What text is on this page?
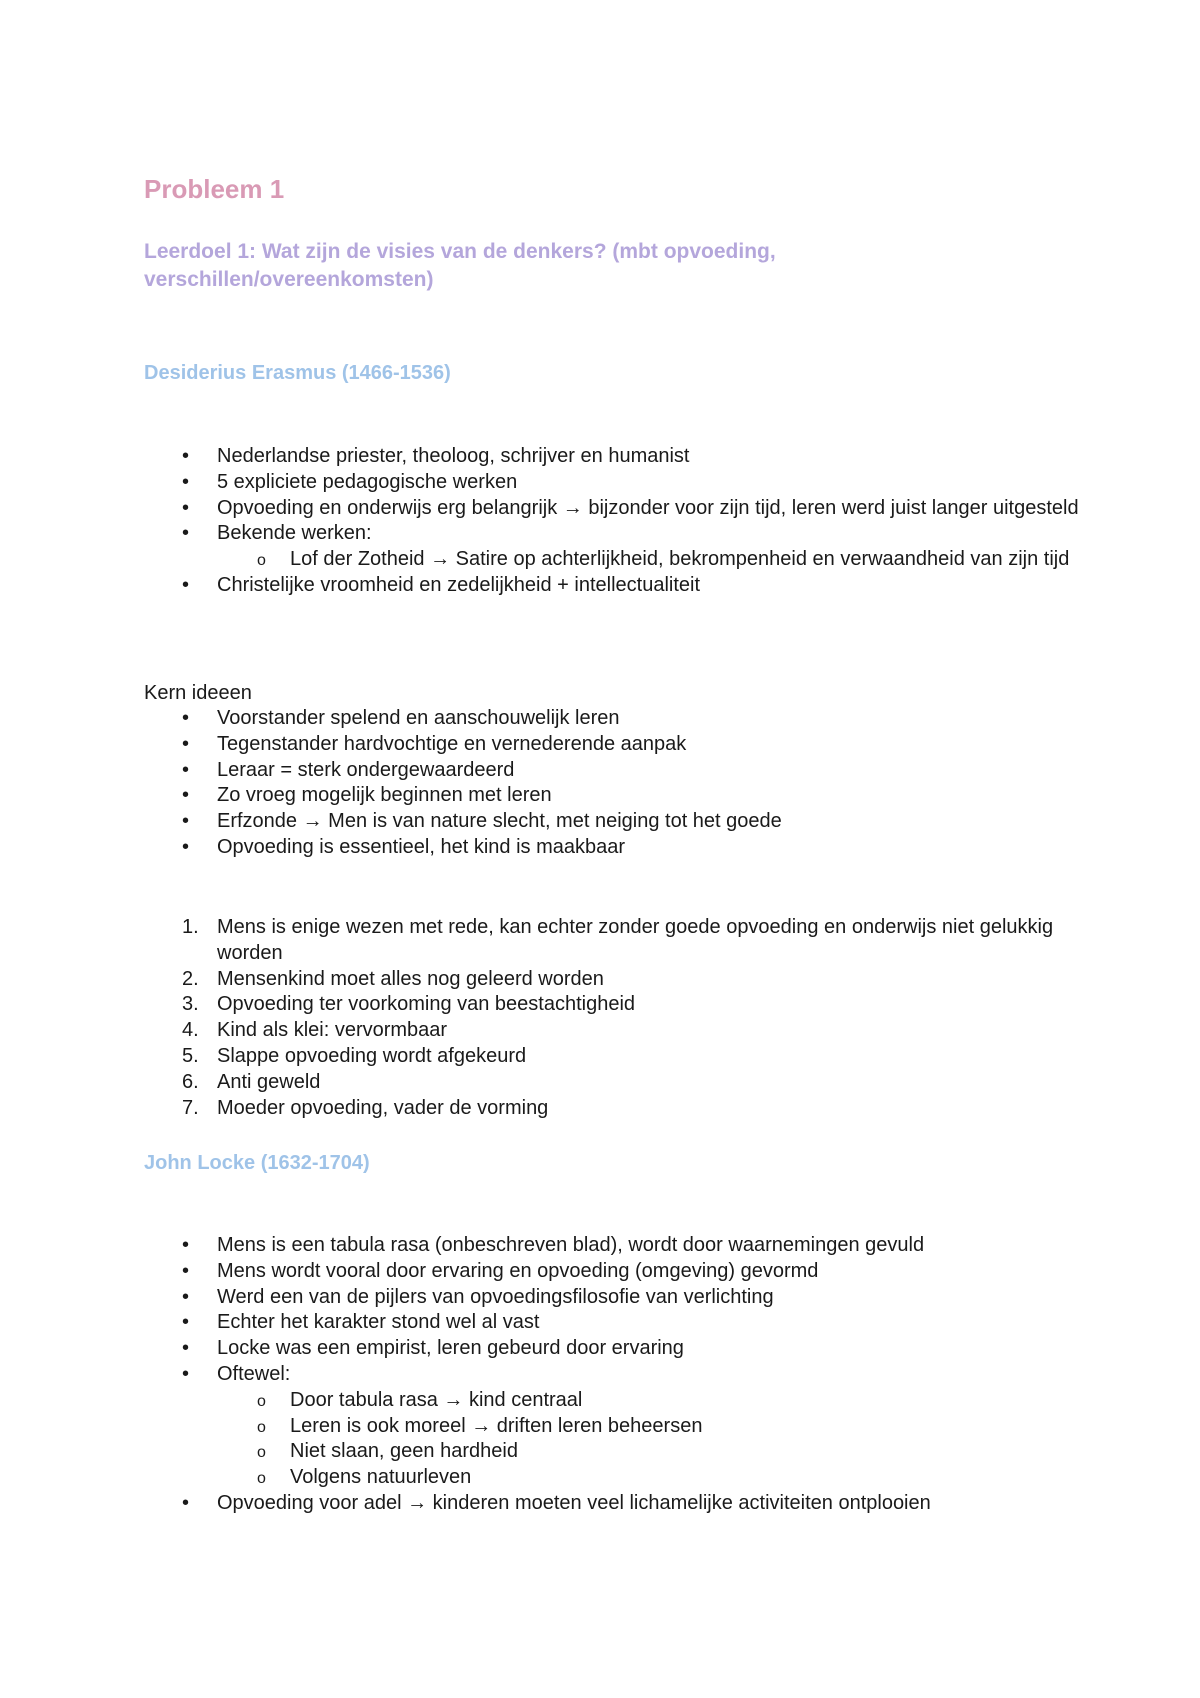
Probleem 1
Leerdoel 1: Wat zijn de visies van de denkers? (mbt opvoeding, verschillen/overeenkomsten)
Desiderius Erasmus (1466-1536)
• Nederlandse priester, theoloog, schrijver en humanist
• 5 expliciete pedagogische werken
• Opvoeding en onderwijs erg belangrijk → bijzonder voor zijn tijd, leren werd juist langer uitgesteld
• Bekende werken:
o Lof der Zotheid → Satire op achterlijkheid, bekrompenheid en verwaandheid van zijn tijd
• Christelijke vroomheid en zedelijkheid + intellectualiteit

Kern ideeen

• Voorstander spelend en aanschouwelijk leren
• Tegenstander hardvochtige en vernederende aanpak
• Leraar = sterk ondergewaardeerd
• Zo vroeg mogelijk beginnen met leren
• Erfzonde → Men is van nature slecht, met neiging tot het goede
• Opvoeding is essentieel, het kind is maakbaar
1. Mens is enige wezen met rede, kan echter zonder goede opvoeding en onderwijs niet gelukkig worden
2. Mensenkind moet alles nog geleerd worden
3. Opvoeding ter voorkoming van beestachtigheid
4. Kind als klei: vervormbaar
5. Slappe opvoeding wordt afgekeurd
6. Anti geweld
7. Moeder opvoeding, vader de vorming
John Locke (1632-1704)
• Mens is een tabula rasa (onbeschreven blad), wordt door waarnemingen gevuld
• Mens wordt vooral door ervaring en opvoeding (omgeving) gevormd
• Werd een van de pijlers van opvoedingsfilosofie van verlichting
• Echter het karakter stond wel al vast
• Locke was een empirist, leren gebeurd door ervaring
• Oftewel:
o Door tabula rasa → kind centraal
o Leren is ook moreel → driften leren beheersen
o Niet slaan, geen hardheid
o Volgens natuurleven
• Opvoeding voor adel → kinderen moeten veel lichamelijke activiteiten ontplooien
